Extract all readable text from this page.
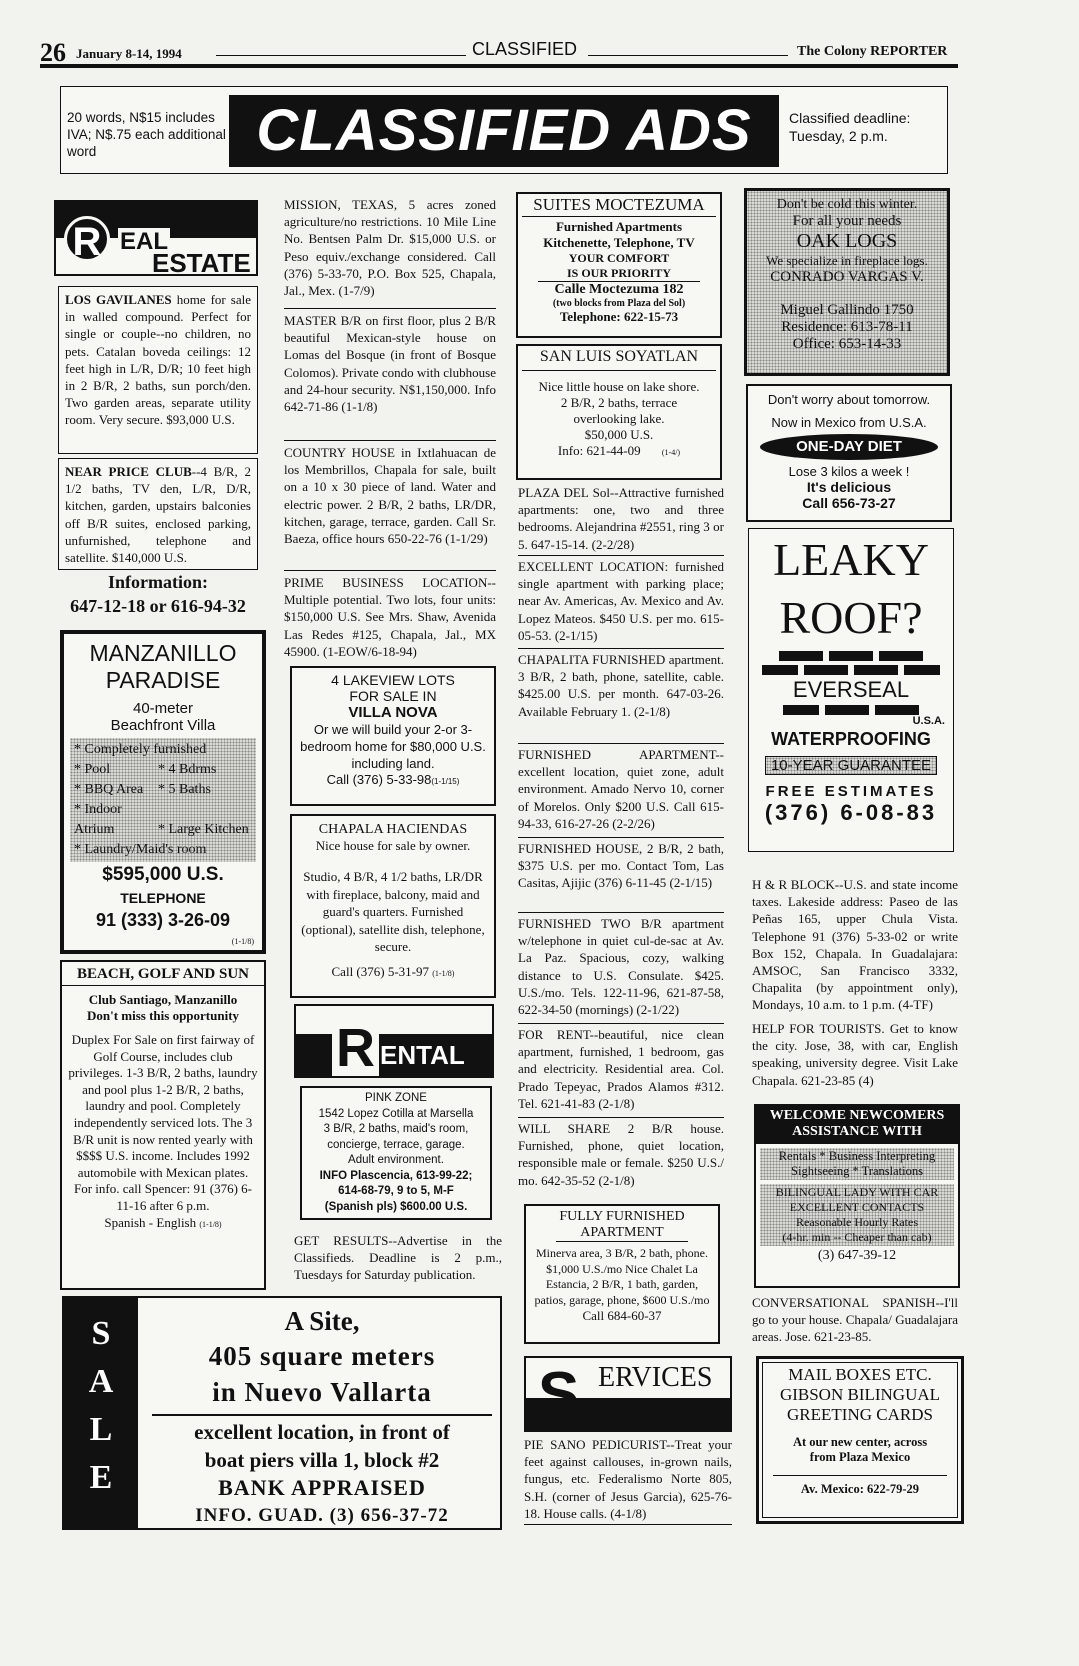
26 January 8-14, 1994	CLASSIFIED	The Colony REPORTER
20 words, N$15 includes IVA; N$.75 each additional word	CLASSIFIED ADS	Classified deadline: Tuesday, 2 p.m.
R EAL
ESTATE
LOS GAVILANES home for sale in walled compound. Perfect for single or couple--no children, no pets. Catalan boveda ceilings: 12 feet high in L/R, D/R; 10 feet high in 2 B/R, 2 baths, sun porch/den. Two garden areas, separate utility room. Very secure. $93,000 U.S.
NEAR PRICE CLUB--4 B/R, 2 1/2 baths, TV den, L/R, D/R, kitchen, garden, upstairs balconies off B/R suites, enclosed parking, unfurnished, telephone and satellite. $140,000 U.S.
Information:
647-12-18 or 616-94-32
MANZANILLO
PARADISE
40-meter
Beachfront Villa
* Completely furnished
* Pool	* 4 Bdrms
* BBQ Area * 5 Baths
* Indoor Atrium	* Large Kitchen
* Laundry/Maid's room
$595,000 U.S.
TELEPHONE
91 (333) 3-26-09
(1-1/8)
BEACH, GOLF AND SUN
Club Santiago, Manzanillo
Don't miss this opportunity
Duplex For Sale on first fairway of Golf Course, includes club privileges. 1-3 B/R, 2 baths, laundry and pool plus 1-2 B/R, 2 baths, laundry and pool. Completely independently serviced lots. The 3 B/R unit is now rented yearly with $$$$ U.S. income. Includes 1992 automobile with Mexican plates. For info. call Spencer: 91 (376) 6-11-16 after 6 p.m.
Spanish - English (1-1/8)
MISSION, TEXAS, 5 acres zoned agriculture/no restrictions. 10 Mile Line No. Bentsen Palm Dr. $15,000 U.S. or Peso equiv./exchange considered. Call (376) 5-33-70, P.O. Box 525, Chapala, Jal., Mex. (1-7/9)
MASTER B/R on first floor, plus 2 B/R beautiful Mexican-style house on Lomas del Bosque (in front of Bosque Colomos). Private condo with clubhouse and 24-hour security. N$1,150,000. Info 642-71-86 (1-1/8)
COUNTRY HOUSE in Ixtlahuacan de los Membrillos, Chapala for sale, built on a 10 x 30 piece of land. Water and electric power. 2 B/R, 2 baths, LR/DR, kitchen, garage, terrace, garden. Call Sr. Baeza, office hours 650-22-76 (1-1/29)
PRIME BUSINESS LOCATION--Multiple potential. Two lots, four units: $150,000 U.S. See Mrs. Shaw, Avenida Las Redes #125, Chapala, Jal., MX 45900. (1-EOW/6-18-94)
4 LAKEVIEW LOTS
FOR SALE IN
VILLA NOVA
Or we will build your 2-or 3-bedroom home for $80,000 U.S. including land.
Call (376) 5-33-98(1-1/15)
CHAPALA HACIENDAS
Nice house for sale by owner.
Studio, 4 B/R, 4 1/2 baths, LR/DR with fireplace, balcony, maid and guard's quarters. Furnished (optional), satellite dish, telephone, secure.
Call (376) 5-31-97 (1-1/8)
R ENTAL
PINK ZONE
1542 Lopez Cotilla at Marsella
3 B/R, 2 baths, maid's room,
concierge, terrace, garage.
Adult environment.
INFO Plascencia, 613-99-22;
614-68-79, 9 to 5, M-F
(Spanish pls) $600.00 U.S.
GET RESULTS--Advertise in the Classifieds. Deadline is 2 p.m., Tuesdays for Saturday publication.
SUITES MOCTEZUMA
Furnished Apartments
Kitchenette, Telephone, TV
YOUR COMFORT
IS OUR PRIORITY
Calle Moctezuma 182
(two blocks from Plaza del Sol)
Telephone: 622-15-73
SAN LUIS SOYATLAN
Nice little house on lake shore.
2 B/R, 2 baths, terrace
overlooking lake.
$50,000 U.S.
Info: 621-44-09	(1-4/)
PLAZA DEL Sol--Attractive furnished apartments: one, two and three bedrooms. Alejandrina #2551, ring 3 or 5. 647-15-14. (2-2/28)
EXCELLENT LOCATION: furnished single apartment with parking place; near Av. Americas, Av. Mexico and Av. Lopez Mateos. $450 U.S. per mo. 615-05-53. (2-1/15)
CHAPALITA FURNISHED apartment. 3 B/R, 2 bath, phone, satellite, cable. $425.00 U.S. per month. 647-03-26. Available February 1. (2-1/8)
FURNISHED APARTMENT--excellent location, quiet zone, adult environment. Amado Nervo 10, corner of Morelos. Only $200 U.S. Call 615-94-33, 616-27-26 (2-2/26)
FURNISHED HOUSE, 2 B/R, 2 bath, $375 U.S. per mo. Contact Tom, Las Casitas, Ajijic (376) 6-11-45 (2-1/15)
FURNISHED TWO B/R apartment w/telephone in quiet cul-de-sac at Av. La Paz. Spacious, cozy, walking distance to U.S. Consulate. $425. U.S./mo. Tels. 122-11-96, 621-87-58, 622-34-50 (mornings) (2-1/22)
FOR RENT--beautiful, nice clean apartment, furnished, 1 bedroom, gas and electricity. Residential area. Col. Prado Tepeyac, Prados Alamos #312. Tel. 621-41-83 (2-1/8)
WILL SHARE 2 B/R house. Furnished, phone, quiet location, responsible male or female. $250 U.S./ mo. 642-35-52 (2-1/8)
FULLY FURNISHED
APARTMENT
Minerva area, 3 B/R, 2 bath, phone. $1,000 U.S./mo Nice Chalet La Estancia, 2 B/R, 1 bath, garden, patios, garage, phone, $600 U.S./mo
Call 684-60-37
S ERVICES
PIE SANO PEDICURIST--Treat your feet against callouses, in-grown nails, fungus, etc. Federalismo Norte 805, S.H. (corner of Jesus Garcia), 625-76-18. House calls. (4-1/8)
Don't be cold this winter.
For all your needs
OAK LOGS
We specialize in fireplace logs.
CONRADO VARGAS V.
Miguel Gallindo 1750
Residence: 613-78-11
Office: 653-14-33
Don't worry about tomorrow.
Now in Mexico from U.S.A.
ONE-DAY DIET
Lose 3 kilos a week !
It's delicious
Call 656-73-27
LEAKY
ROOF?
EVERSEAL
U.S.A.
WATERPROOFING
10-YEAR GUARANTEE
FREE ESTIMATES
(376) 6-08-83
H & R BLOCK--U.S. and state income taxes. Lakeside address: Paseo de las Peñas 165, upper Chula Vista. Telephone 91 (376) 5-33-02 or write Box 152, Chapala. In Guadalajara: AMSOC, San Francisco 3332, Chapalita (by appointment only), Mondays, 10 a.m. to 1 p.m. (4-TF)
HELP FOR TOURISTS. Get to know the city. Jose, 38, with car, English speaking, university degree. Visit Lake Chapala. 621-23-85 (4)
WELCOME NEWCOMERS
ASSISTANCE WITH
Rentals * Business Interpreting
Sightseeing * Translations
BILINGUAL LADY WITH CAR
EXCELLENT CONTACTS
Reasonable Hourly Rates
(4-hr. min -- Cheaper than cab)
(3) 647-39-12
CONVERSATIONAL SPANISH--I'll go to your house. Chapala/ Guadalajara areas. Jose. 621-23-85.
MAIL BOXES ETC.
GIBSON BILINGUAL
GREETING CARDS
At our new center, across
from Plaza Mexico
Av. Mexico: 622-79-29
S
A
L
E
A Site,
405 square meters
in Nuevo Vallarta
excellent location, in front of
boat piers villa 1, block #2
BANK APPRAISED
INFO. GUAD. (3) 656-37-72
